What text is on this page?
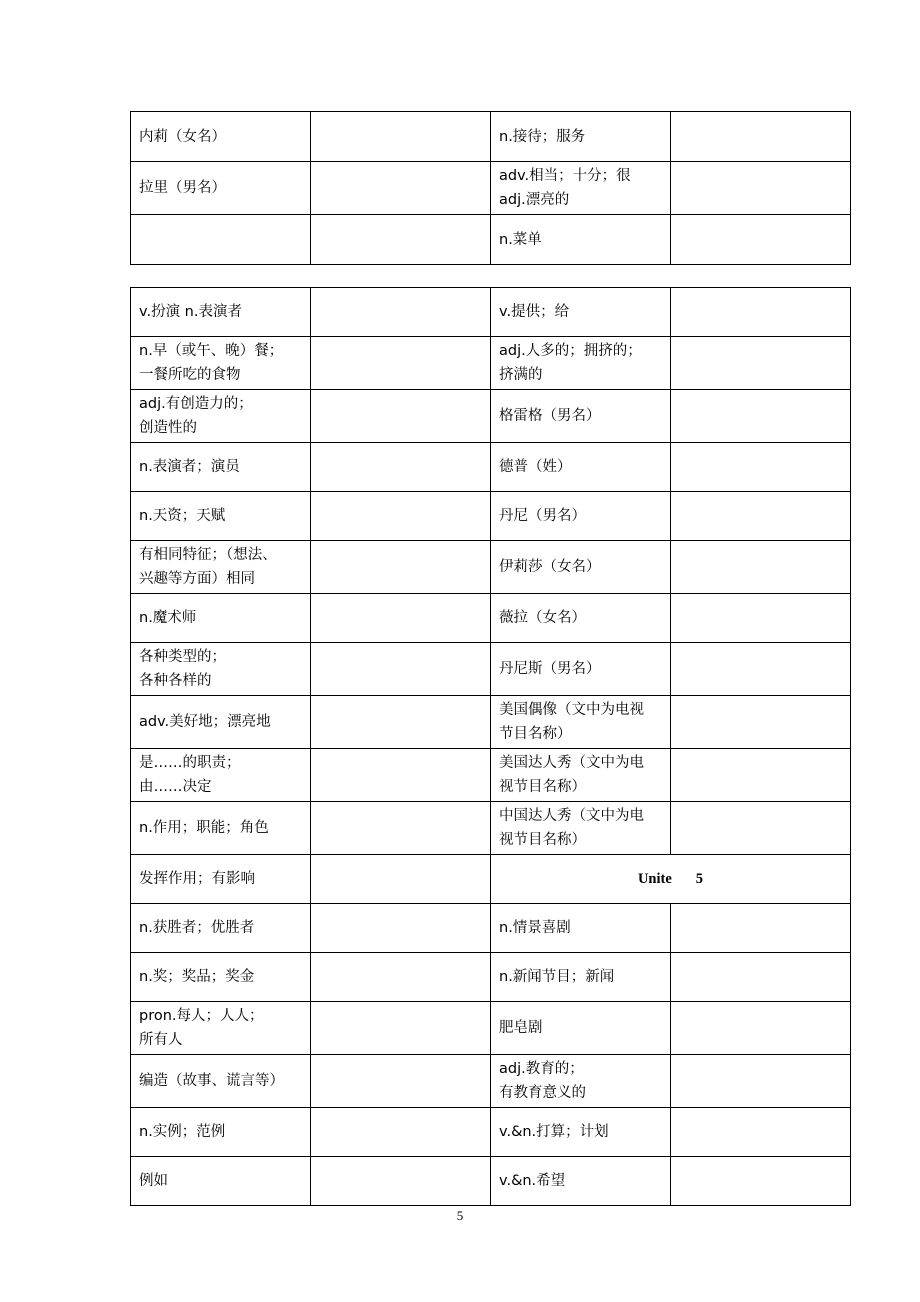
内莉（女名）		n.接待；服务	
拉里（男名）		adv.相当；十分；很
adj.漂亮的	
		n.菜单	
v.扮演 n.表演者		v.提供；给	
n.早（或午、晚）餐；
一餐所吃的食物		adj.人多的；拥挤的；
挤满的	
adj.有创造力的；
创造性的		格雷格（男名）	
n.表演者；演员		德普（姓）	
n.天资；天赋		丹尼（男名）	
有相同特征；（想法、
兴趣等方面）相同		伊莉莎（女名）	
n.魔术师		薇拉（女名）	
各种类型的；
各种各样的		丹尼斯（男名）	
adv.美好地；漂亮地		美国偶像（文中为电视
节目名称）	
是……的职责；
由……决定		美国达人秀（文中为电
视节目名称）	
n.作用；职能；角色		中国达人秀（文中为电
视节目名称）	
发挥作用；有影响		Unite 5	
n.获胜者；优胜者		n.情景喜剧	
n.奖；奖品；奖金		n.新闻节目；新闻	
pron.每人；人人；
所有人		肥皂剧	
编造（故事、谎言等）		adj.教育的；
有教育意义的	
n.实例；范例		v.&n.打算；计划	
例如		v.&n.希望	
5
